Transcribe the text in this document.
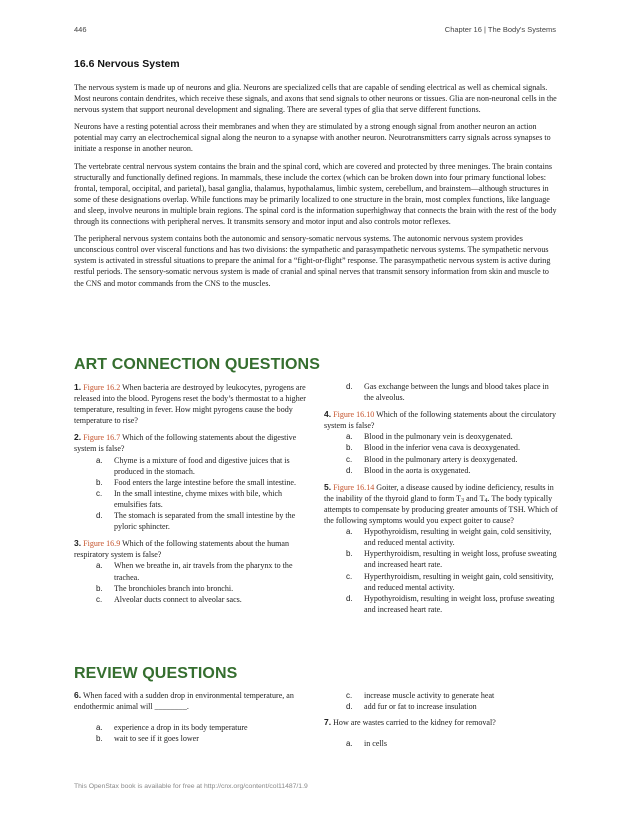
446	Chapter 16 | The Body's Systems
16.6 Nervous System

The nervous system is made up of neurons and glia. Neurons are specialized cells that are capable of sending electrical as well as chemical signals. Most neurons contain dendrites, which receive these signals, and axons that send signals to other neurons or tissues. Glia are non-neuronal cells in the nervous system that support neuronal development and signaling. There are several types of glia that serve different functions.

Neurons have a resting potential across their membranes and when they are stimulated by a strong enough signal from another neuron an action potential may carry an electrochemical signal along the neuron to a synapse with another neuron. Neurotransmitters carry signals across synapses to initiate a response in another neuron.

The vertebrate central nervous system contains the brain and the spinal cord, which are covered and protected by three meninges. The brain contains structurally and functionally defined regions. In mammals, these include the cortex (which can be broken down into four primary functional lobes: frontal, temporal, occipital, and parietal), basal ganglia, thalamus, hypothalamus, limbic system, cerebellum, and brainstem—although structures in some of these designations overlap. While functions may be primarily localized to one structure in the brain, most complex functions, like language and sleep, involve neurons in multiple brain regions. The spinal cord is the information superhighway that connects the brain with the rest of the body through its connections with peripheral nerves. It transmits sensory and motor input and also controls motor reflexes.

The peripheral nervous system contains both the autonomic and sensory-somatic nervous systems. The autonomic nervous system provides unconscious control over visceral functions and has two divisions: the sympathetic and parasympathetic nervous systems. The sympathetic nervous system is activated in stressful situations to prepare the animal for a “fight-or-flight” response. The parasympathetic nervous system is active during restful periods. The sensory-somatic nervous system is made of cranial and spinal nerves that transmit sensory information from skin and muscle to the CNS and motor commands from the CNS to the muscles.

ART CONNECTION QUESTIONS
1. Figure 16.2 When bacteria are destroyed by leukocytes, pyrogens are released into the blood. Pyrogens reset the body’s thermostat to a higher temperature, resulting in fever. How might pyrogens cause the body temperature to rise?
2. Figure 16.7 Which of the following statements about the digestive system is false?
a. Chyme is a mixture of food and digestive juices that is produced in the stomach.
b. Food enters the large intestine before the small intestine.
c. In the small intestine, chyme mixes with bile, which emulsifies fats.
d. The stomach is separated from the small intestine by the pyloric sphincter.
3. Figure 16.9 Which of the following statements about the human respiratory system is false?
a. When we breathe in, air travels from the pharynx to the trachea.
b. The bronchioles branch into bronchi.
c. Alveolar ducts connect to alveolar sacs.
d. Gas exchange between the lungs and blood takes place in the alveolus.
4. Figure 16.10 Which of the following statements about the circulatory system is false?
a. Blood in the pulmonary vein is deoxygenated.
b. Blood in the inferior vena cava is deoxygenated.
c. Blood in the pulmonary artery is deoxygenated.
d. Blood in the aorta is oxygenated.
5. Figure 16.14 Goiter, a disease caused by iodine deficiency, results in the inability of the thyroid gland to form $T_3$ and $T_4$. The body typically attempts to compensate by producing greater amounts of TSH. Which of the following symptoms would you expect goiter to cause?
a. Hypothyroidism, resulting in weight gain, cold sensitivity, and reduced mental activity.
b. Hyperthyroidism, resulting in weight loss, profuse sweating and increased heart rate.
c. Hyperthyroidism, resulting in weight gain, cold sensitivity, and reduced mental activity.
d. Hypothyroidism, resulting in weight loss, profuse sweating and increased heart rate.
REVIEW QUESTIONS
6. When faced with a sudden drop in environmental temperature, an endothermic animal will ________.
a. experience a drop in its body temperature
b. wait to see if it goes lower
c. increase muscle activity to generate heat
d. add fur or fat to increase insulation
7. How are wastes carried to the kidney for removal?
a. in cells
This OpenStax book is available for free at http://cnx.org/content/col11487/1.9
